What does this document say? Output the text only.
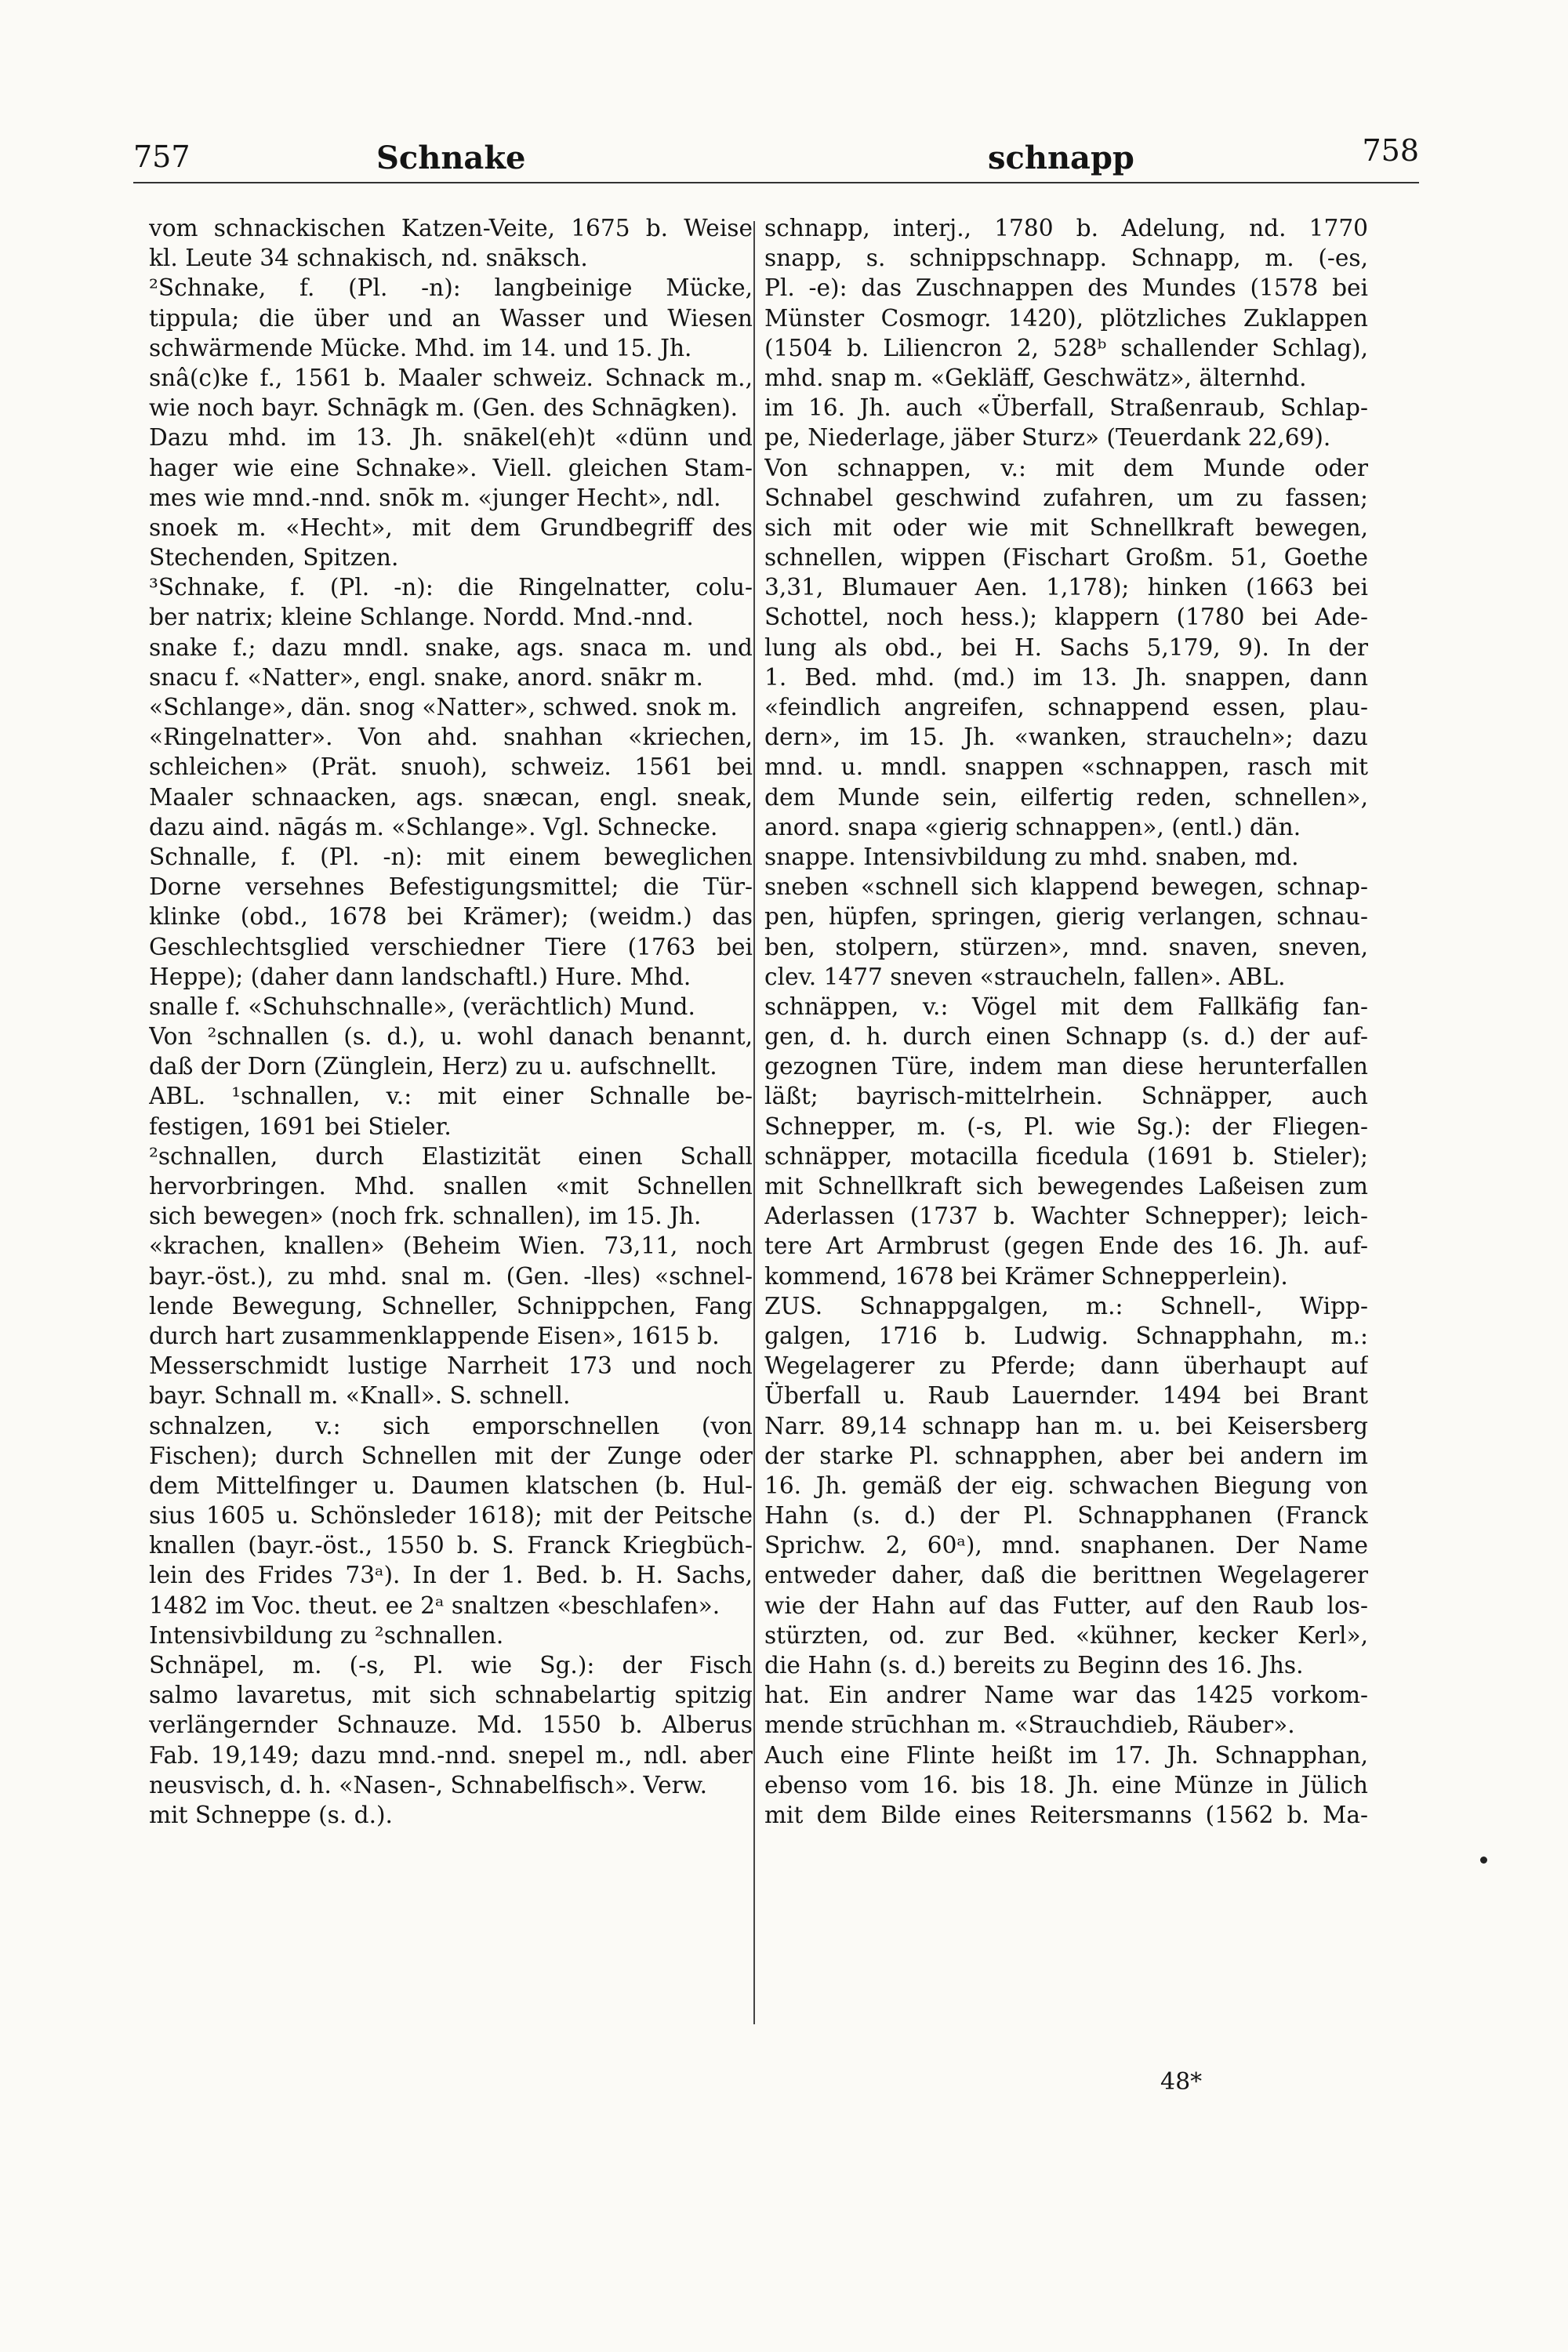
757	Schnake	schnapp	758
vom schnackischen Katzen-Veite, 1675 b. Weise
kl. Leute 34 schnakisch, nd. snāksch.
²Schnake, f. (Pl. -n): langbeinige Mücke,
tippula; die über und an Wasser und Wiesen
schwärmende Mücke. Mhd. im 14. und 15. Jh.
snâ(c)ke f., 1561 b. Maaler schweiz. Schnack m.,
wie noch bayr. Schnāgk m. (Gen. des Schnāgken).
Dazu mhd. im 13. Jh. snākel(eh)t «dünn und
hager wie eine Schnake». Viell. gleichen Stam-
mes wie mnd.-nnd. snōk m. «junger Hecht», ndl.
snoek m. «Hecht», mit dem Grundbegriff des
Stechenden, Spitzen.
³Schnake, f. (Pl. -n): die Ringelnatter, colu-
ber natrix; kleine Schlange. Nordd. Mnd.-nnd.
snake f.; dazu mndl. snake, ags. snaca m. und
snacu f. «Natter», engl. snake, anord. snākr m.
«Schlange», dän. snog «Natter», schwed. snok m.
«Ringelnatter». Von ahd. snahhan «kriechen,
schleichen» (Prät. snuoh), schweiz. 1561 bei
Maaler schnaacken, ags. snæcan, engl. sneak,
dazu aind. nāgás m. «Schlange». Vgl. Schnecke.
Schnalle, f. (Pl. -n): mit einem beweglichen
Dorne versehnes Befestigungsmittel; die Tür-
klinke (obd., 1678 bei Krämer); (weidm.) das
Geschlechtsglied verschiedner Tiere (1763 bei
Heppe); (daher dann landschaftl.) Hure. Mhd.
snalle f. «Schuhschnalle», (verächtlich) Mund.
Von ²schnallen (s. d.), u. wohl danach benannt,
daß der Dorn (Zünglein, Herz) zu u. aufschnellt.
ABL. ¹schnallen, v.: mit einer Schnalle be-
festigen, 1691 bei Stieler.
²schnallen, durch Elastizität einen Schall
hervorbringen. Mhd. snallen «mit Schnellen
sich bewegen» (noch frk. schnallen), im 15. Jh.
«krachen, knallen» (Beheim Wien. 73,11, noch
bayr.-öst.), zu mhd. snal m. (Gen. -lles) «schnel-
lende Bewegung, Schneller, Schnippchen, Fang
durch hart zusammenklappende Eisen», 1615 b.
Messerschmidt lustige Narrheit 173 und noch
bayr. Schnall m. «Knall». S. schnell.
schnalzen, v.: sich emporschnellen (von
Fischen); durch Schnellen mit der Zunge oder
dem Mittelfinger u. Daumen klatschen (b. Hul-
sius 1605 u. Schönsleder 1618); mit der Peitsche
knallen (bayr.-öst., 1550 b. S. Franck Kriegbüch-
lein des Frides 73ᵃ). In der 1. Bed. b. H. Sachs,
1482 im Voc. theut. ee 2ᵃ snaltzen «beschlafen».
Intensivbildung zu ²schnallen.
Schnäpel, m. (-s, Pl. wie Sg.): der Fisch
salmo lavaretus, mit sich schnabelartig spitzig
verlängernder Schnauze. Md. 1550 b. Alberus
Fab. 19,149; dazu mnd.-nnd. snepel m., ndl. aber
neusvisch, d. h. «Nasen-, Schnabelfisch». Verw.
mit Schneppe (s. d.).
schnapp, interj., 1780 b. Adelung, nd. 1770
snapp, s. schnippschnapp. Schnapp, m. (-es,
Pl. -e): das Zuschnappen des Mundes (1578 bei
Münster Cosmogr. 1420), plötzliches Zuklappen
(1504 b. Liliencron 2, 528ᵇ schallender Schlag),
mhd. snap m. «Gekläff, Geschwätz», älternhd.
im 16. Jh. auch «Überfall, Straßenraub, Schlap-
pe, Niederlage, jäber Sturz» (Teuerdank 22,69).
Von schnappen, v.: mit dem Munde oder
Schnabel geschwind zufahren, um zu fassen;
sich mit oder wie mit Schnellkraft bewegen,
schnellen, wippen (Fischart Großm. 51, Goethe
3,31, Blumauer Aen. 1,178); hinken (1663 bei
Schottel, noch hess.); klappern (1780 bei Ade-
lung als obd., bei H. Sachs 5,179, 9). In der
1. Bed. mhd. (md.) im 13. Jh. snappen, dann
«feindlich angreifen, schnappend essen, plau-
dern», im 15. Jh. «wanken, straucheln»; dazu
mnd. u. mndl. snappen «schnappen, rasch mit
dem Munde sein, eilfertig reden, schnellen»,
anord. snapa «gierig schnappen», (entl.) dän.
snappe. Intensivbildung zu mhd. snaben, md.
sneben «schnell sich klappend bewegen, schnap-
pen, hüpfen, springen, gierig verlangen, schnau-
ben, stolpern, stürzen», mnd. snaven, sneven,
clev. 1477 sneven «straucheln, fallen». ABL.
schnäppen, v.: Vögel mit dem Fallkäfig fan-
gen, d. h. durch einen Schnapp (s. d.) der auf-
gezognen Türe, indem man diese herunterfallen
läßt; bayrisch-mittelrhein. Schnäpper, auch
Schnepper, m. (-s, Pl. wie Sg.): der Fliegen-
schnäpper, motacilla ficedula (1691 b. Stieler);
mit Schnellkraft sich bewegendes Laßeisen zum
Aderlassen (1737 b. Wachter Schnepper); leich-
tere Art Armbrust (gegen Ende des 16. Jh. auf-
kommend, 1678 bei Krämer Schnepperlein).
ZUS. Schnappgalgen, m.: Schnell-, Wipp-
galgen, 1716 b. Ludwig. Schnapphahn, m.:
Wegelagerer zu Pferde; dann überhaupt auf
Überfall u. Raub Lauernder. 1494 bei Brant
Narr. 89,14 schnapp han m. u. bei Keisersberg
der starke Pl. schnapphen, aber bei andern im
16. Jh. gemäß der eig. schwachen Biegung von
Hahn (s. d.) der Pl. Schnapphanen (Franck
Sprichw. 2, 60ᵃ), mnd. snaphanen. Der Name
entweder daher, daß die berittnen Wegelagerer
wie der Hahn auf das Futter, auf den Raub los-
stürzten, od. zur Bed. «kühner, kecker Kerl»,
die Hahn (s. d.) bereits zu Beginn des 16. Jhs.
hat. Ein andrer Name war das 1425 vorkom-
mende strūchhan m. «Strauchdieb, Räuber».
Auch eine Flinte heißt im 17. Jh. Schnapphan,
ebenso vom 16. bis 18. Jh. eine Münze in Jülich
mit dem Bilde eines Reitersmanns (1562 b. Ma-
48*
